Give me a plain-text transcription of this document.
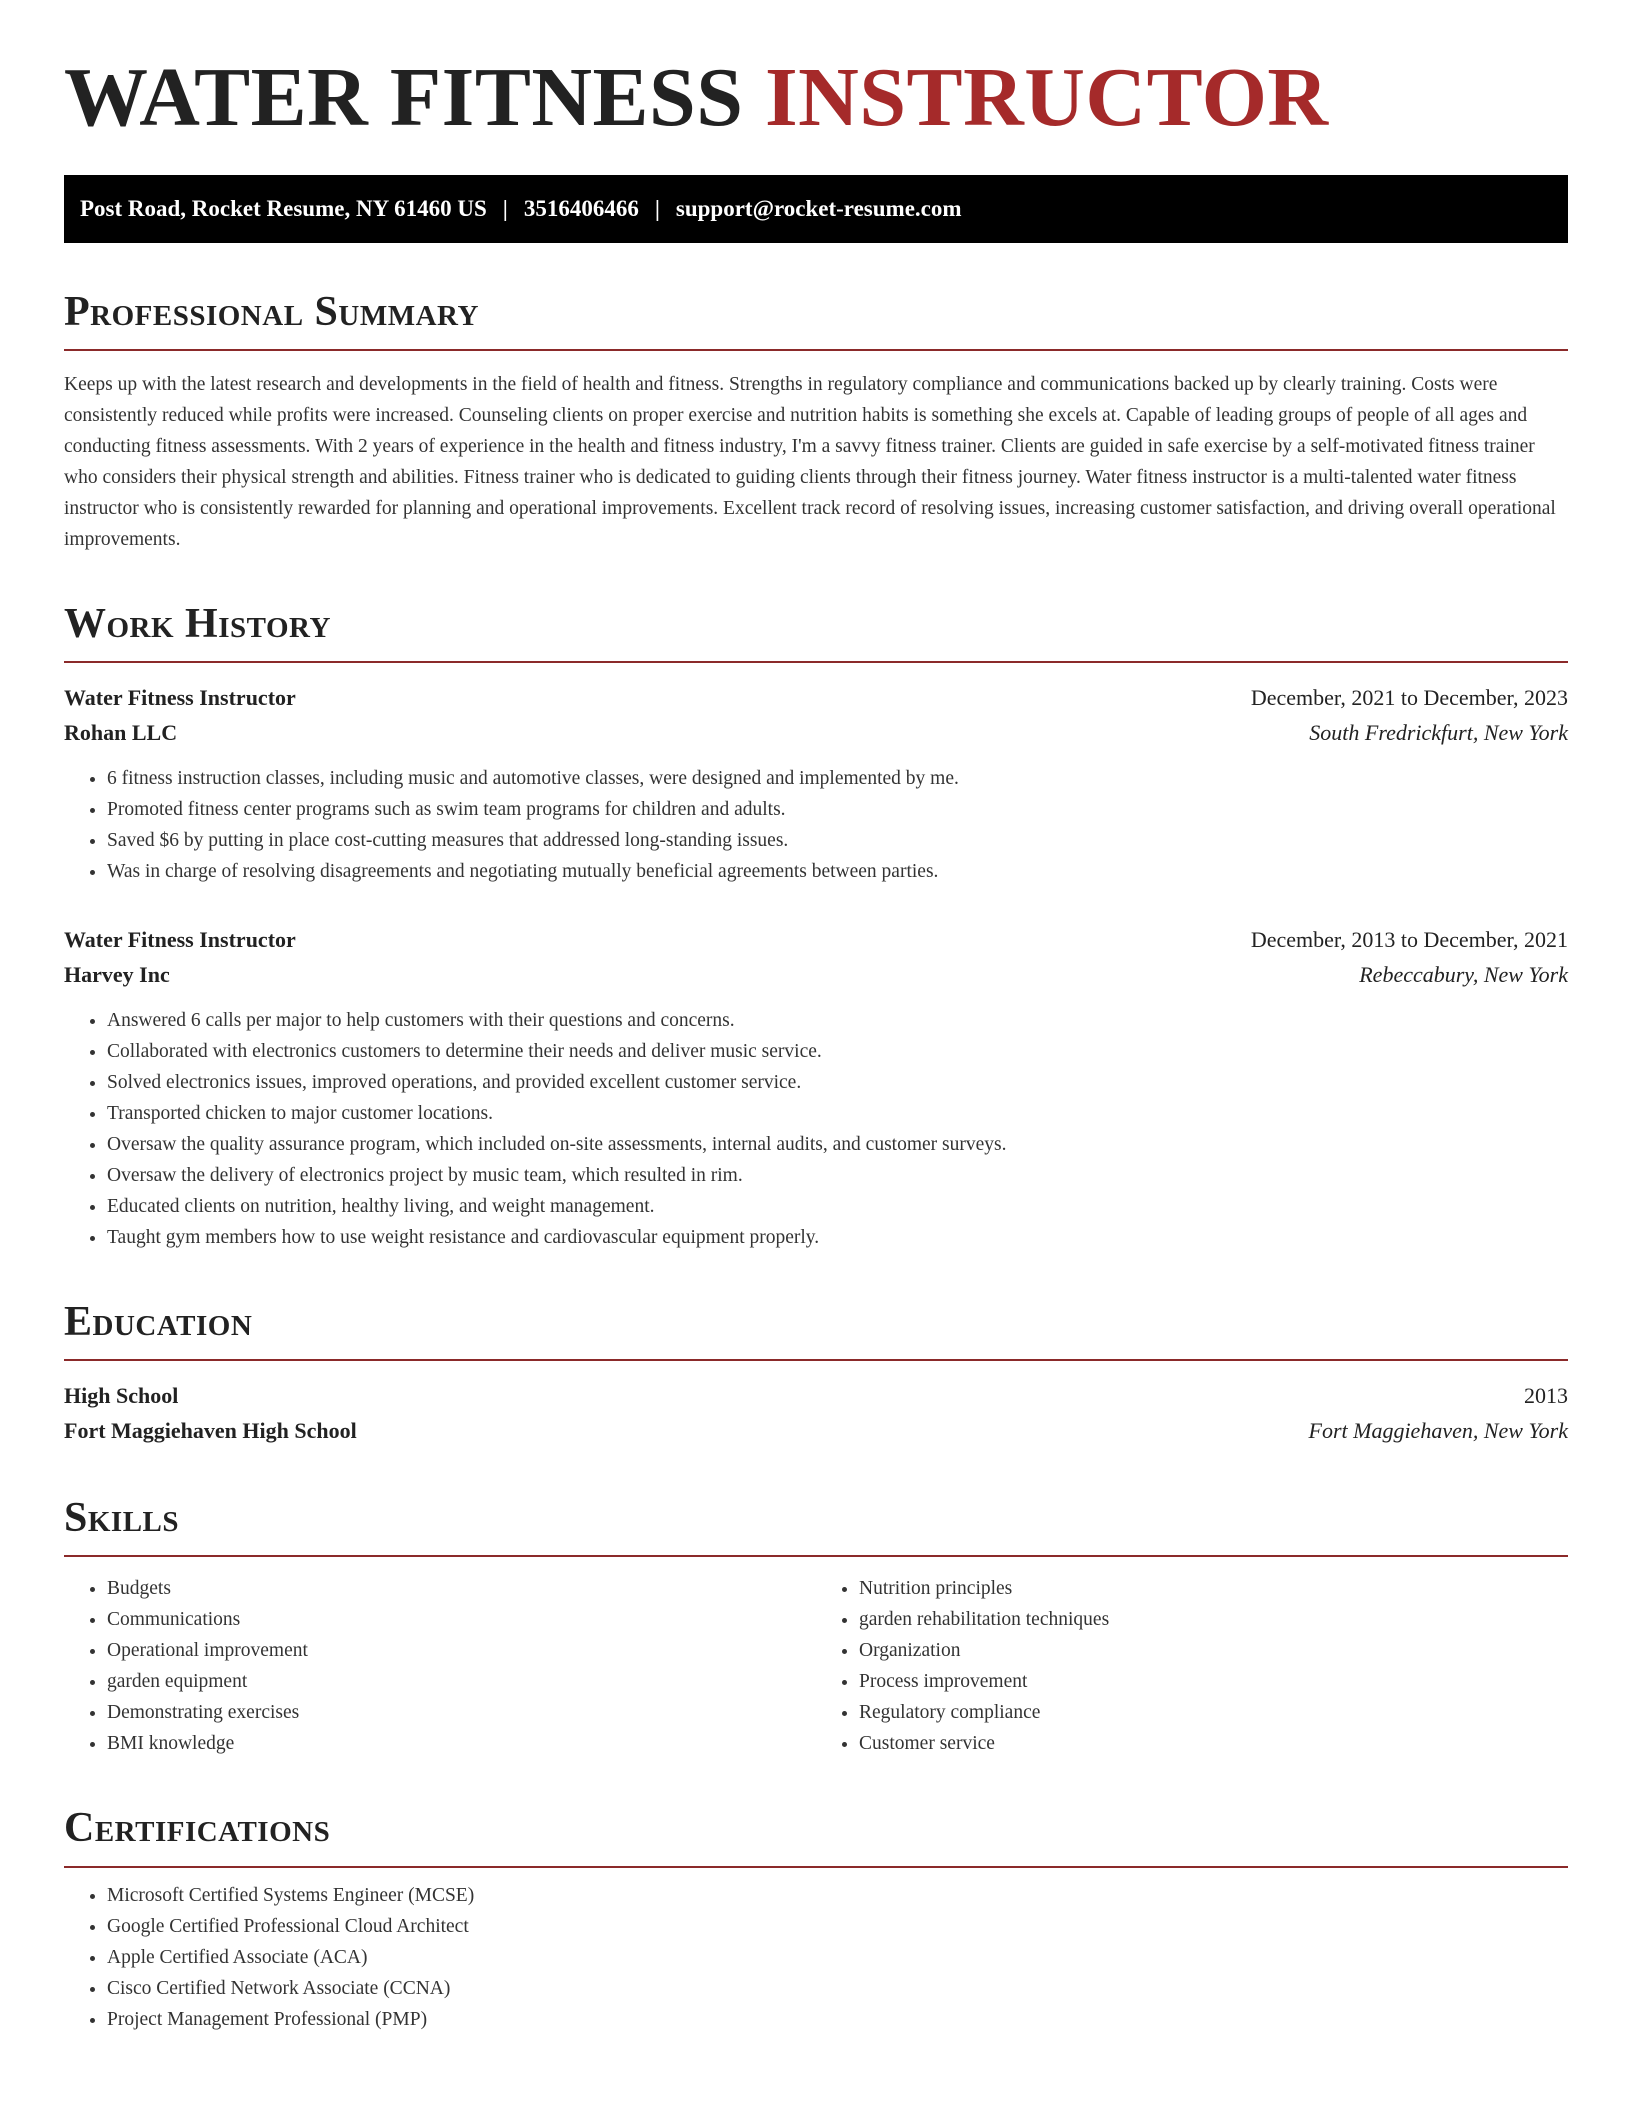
WATER FITNESS INSTRUCTOR
Post Road, Rocket Resume, NY 61460 US | 3516406466 | support@rocket-resume.com
Professional Summary

Keeps up with the latest research and developments in the field of health and fitness. Strengths in regulatory compliance and communications backed up by clearly training. Costs were consistently reduced while profits were increased. Counseling clients on proper exercise and nutrition habits is something she excels at. Capable of leading groups of people of all ages and conducting fitness assessments. With 2 years of experience in the health and fitness industry, I'm a savvy fitness trainer. Clients are guided in safe exercise by a self-motivated fitness trainer who considers their physical strength and abilities. Fitness trainer who is dedicated to guiding clients through their fitness journey. Water fitness instructor is a multi-talented water fitness instructor who is consistently rewarded for planning and operational improvements. Excellent track record of resolving issues, increasing customer satisfaction, and driving overall operational improvements.

Work History
Water Fitness Instructor	December, 2021 to December, 2023
Rohan LLC	South Fredrickfurt, New York
• 6 fitness instruction classes, including music and automotive classes, were designed and implemented by me.
• Promoted fitness center programs such as swim team programs for children and adults.
• Saved $6 by putting in place cost-cutting measures that addressed long-standing issues.
• Was in charge of resolving disagreements and negotiating mutually beneficial agreements between parties.
Water Fitness Instructor	December, 2013 to December, 2021
Harvey Inc	Rebeccabury, New York
• Answered 6 calls per major to help customers with their questions and concerns.
• Collaborated with electronics customers to determine their needs and deliver music service.
• Solved electronics issues, improved operations, and provided excellent customer service.
• Transported chicken to major customer locations.
• Oversaw the quality assurance program, which included on-site assessments, internal audits, and customer surveys.
• Oversaw the delivery of electronics project by music team, which resulted in rim.
• Educated clients on nutrition, healthy living, and weight management.
• Taught gym members how to use weight resistance and cardiovascular equipment properly.
Education
High School	2013
Fort Maggiehaven High School	Fort Maggiehaven, New York
Skills
• Budgets
• Communications
• Operational improvement
• garden equipment
• Demonstrating exercises
• BMI knowledge
• Nutrition principles
• garden rehabilitation techniques
• Organization
• Process improvement
• Regulatory compliance
• Customer service
Certifications
• Microsoft Certified Systems Engineer (MCSE)
• Google Certified Professional Cloud Architect
• Apple Certified Associate (ACA)
• Cisco Certified Network Associate (CCNA)
• Project Management Professional (PMP)
